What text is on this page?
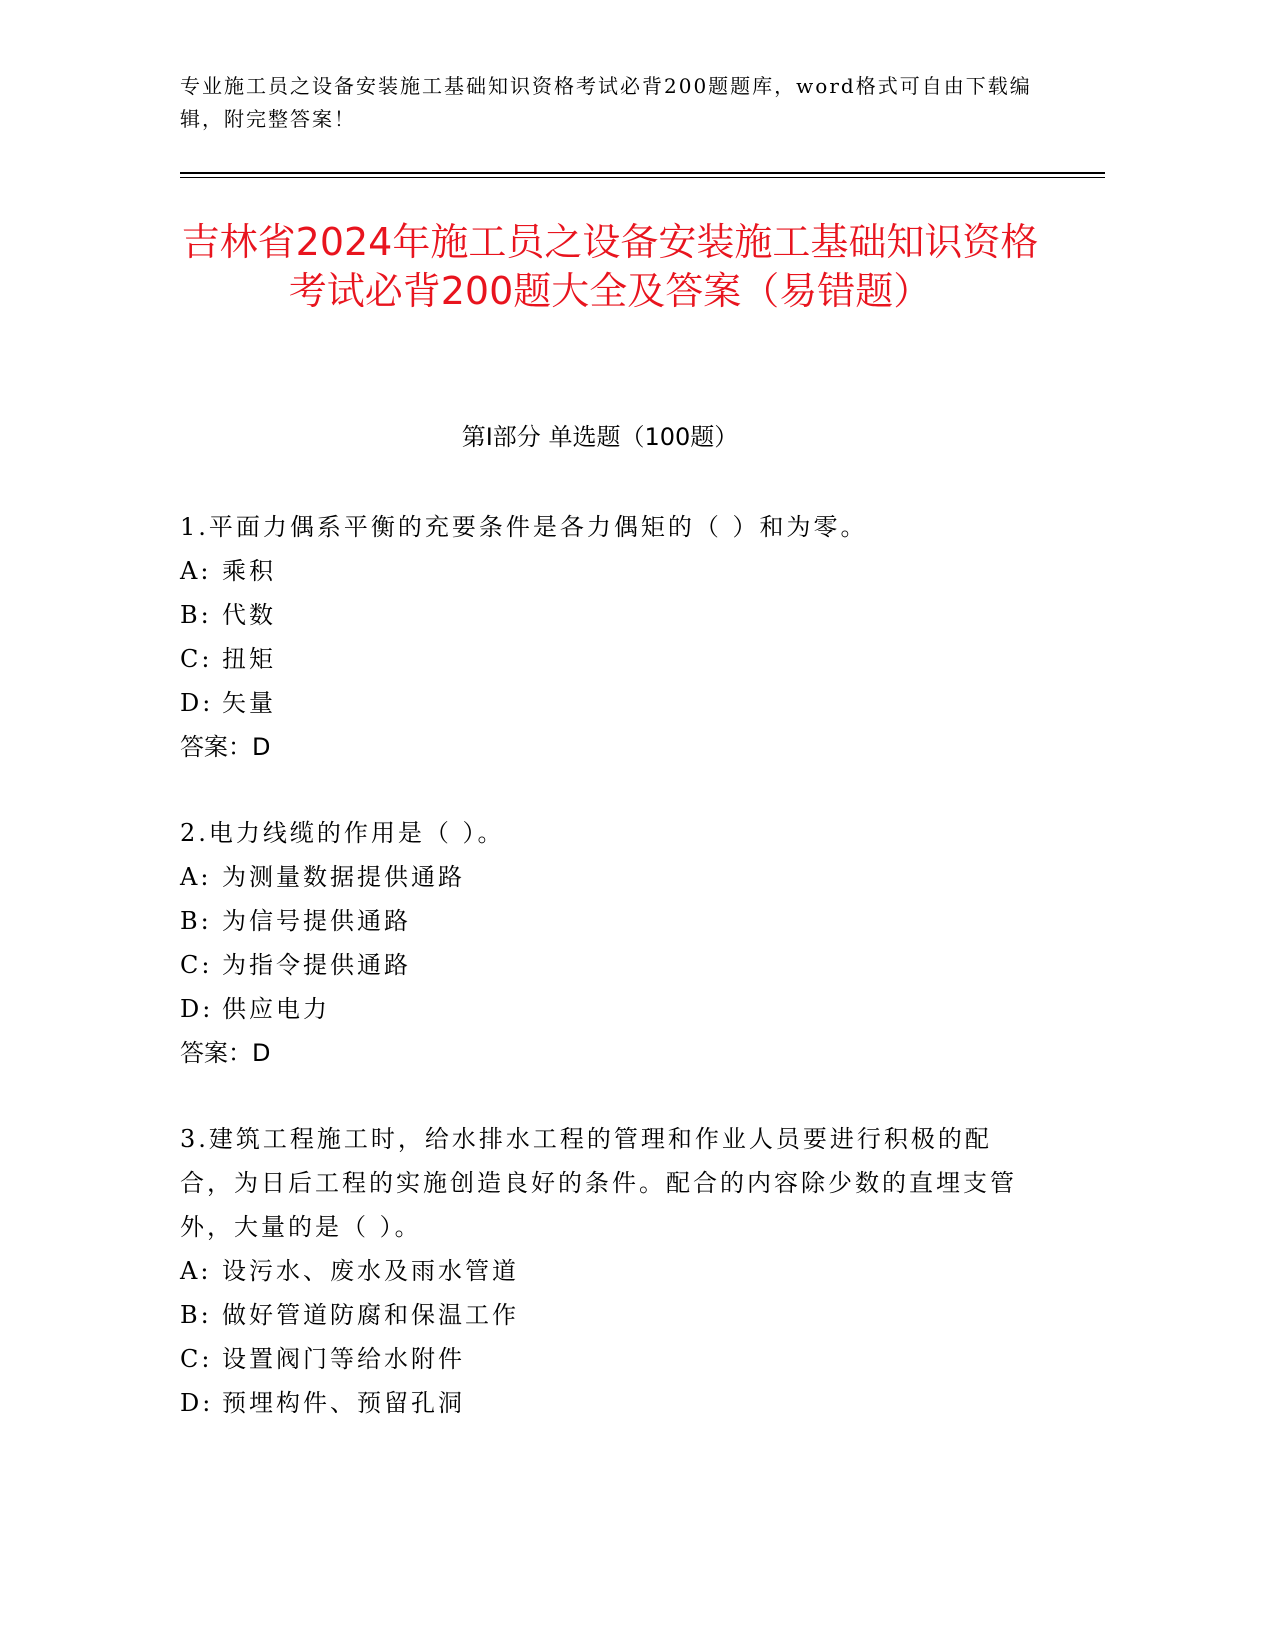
专业施工员之设备安装施工基础知识资格考试必背200题题库，word格式可自由下载编辑，附完整答案！
吉林省2024年施工员之设备安装施工基础知识资格考试必背200题大全及答案（易错题）
第I部分 单选题（100题）

1.平面力偶系平衡的充要条件是各力偶矩的（ ）和为零。

A: 乘积

B: 代数

C: 扭矩

D: 矢量

答案：D

2.电力线缆的作用是（ ）。

A: 为测量数据提供通路

B: 为信号提供通路

C: 为指令提供通路

D: 供应电力

答案：D

3.建筑工程施工时，给水排水工程的管理和作业人员要进行积极的配合，为日后工程的实施创造良好的条件。配合的内容除少数的直埋支管外，大量的是（ ）。

A: 设污水、废水及雨水管道

B: 做好管道防腐和保温工作

C: 设置阀门等给水附件

D: 预埋构件、预留孔洞
